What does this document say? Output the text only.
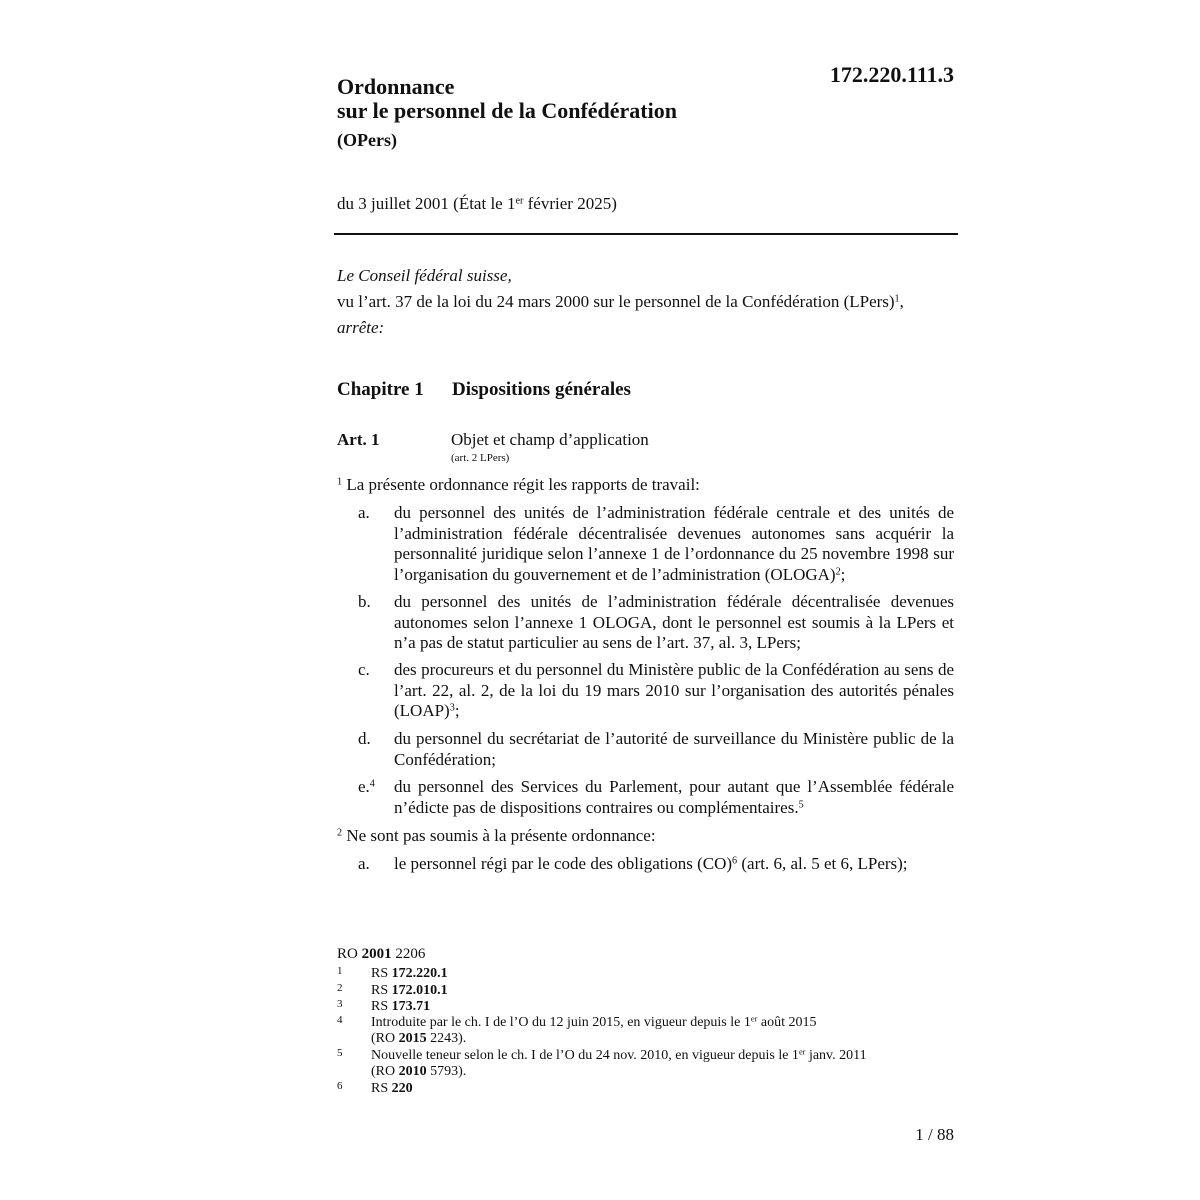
172.220.111.3
Ordonnance
sur le personnel de la Confédération
(OPers)
du 3 juillet 2001 (État le 1er février 2025)
Le Conseil fédéral suisse,
vu l’art. 37 de la loi du 24 mars 2000 sur le personnel de la Confédération (LPers)$^1$,
arrête:
Chapitre 1 Dispositions générales
Art. 1	Objet et champ d’application
(art. 2 LPers)
$^1$ La présente ordonnance régit les rapports de travail:
a. du personnel des unités de l’administration fédérale centrale et des unités de l’administration fédérale décentralisée devenues autonomes sans acquérir la personnalité juridique selon l’annexe 1 de l’ordonnance du 25 novembre 1998 sur l’organisation du gouvernement et de l’administration (OLOGA)$^2$;
b. du personnel des unités de l’administration fédérale décentralisée devenues autonomes selon l’annexe 1 OLOGA, dont le personnel est soumis à la LPers et n’a pas de statut particulier au sens de l’art. 37, al. 3, LPers;
c. des procureurs et du personnel du Ministère public de la Confédération au sens de l’art. 22, al. 2, de la loi du 19 mars 2010 sur l’organisation des autorités pénales (LOAP)$^3$;
d. du personnel du secrétariat de l’autorité de surveillance du Ministère public de la Confédération;
e.$^4$ du personnel des Services du Parlement, pour autant que l’Assemblée fédérale n’édicte pas de dispositions contraires ou complémentaires.$^5$
$^2$ Ne sont pas soumis à la présente ordonnance:
a. le personnel régi par le code des obligations (CO)$^6$ (art. 6, al. 5 et 6, LPers);
RO 2001 2206
1 RS 172.220.1
2 RS 172.010.1
3 RS 173.71
4 Introduite par le ch. I de l’O du 12 juin 2015, en vigueur depuis le 1er août 2015
(RO 2015 2243).
5 Nouvelle teneur selon le ch. I de l’O du 24 nov. 2010, en vigueur depuis le 1er janv. 2011
(RO 2010 5793).
6 RS 220
1 / 88
